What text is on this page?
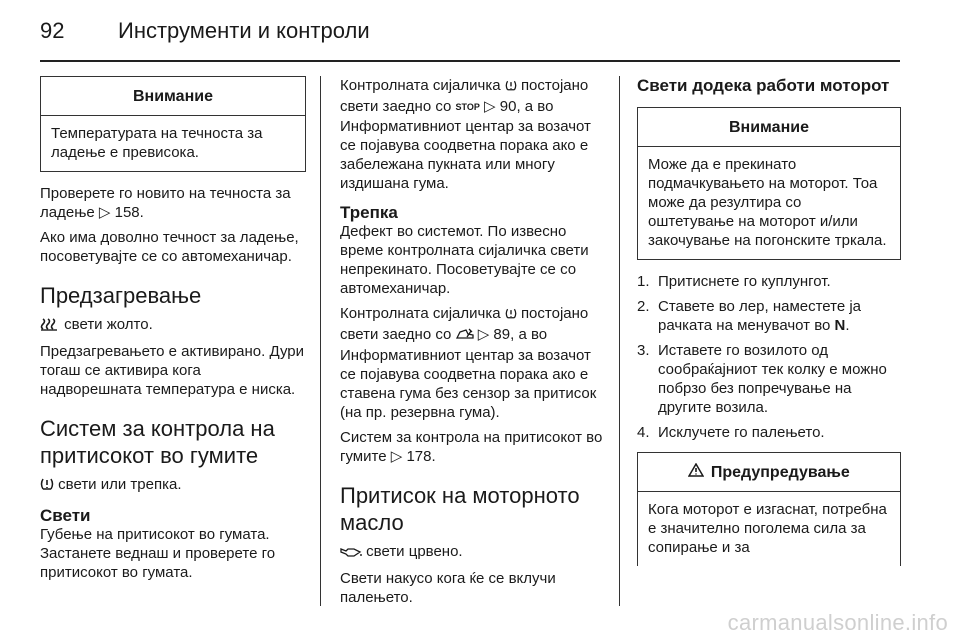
92 Инструменти и контроли
Внимание
Температурата на течноста за ладење е превисока.

Проверете го новито на течноста за ладење ▷ 158.

Ако има доволно течност за ладење, посоветувајте се со автомеханичар.

Предзагревање

свети жолто.

Предзагревањето е активирано. Дури тогаш се активира кога надворешната температура е ниска.

Систем за контрола на притисокот во гумите

свети или трепка.

Свети

Губење на притисокот во гумата. Застанете веднаш и проверете го притисокот во гумата.

Контролната сијаличка постојано свети заедно со STOP ▷ 90, а во Информативниот центар за возачот се појавува соодветна порака ако е забележана пукната или многу издишана гума.

Трепка

Дефект во системот. По извесно време контролната сијаличка свети непрекинато. Посоветувајте се со автомеханичар.

Контролната сијаличка постојано свети заедно со ▷ 89, а во Информативниот центар за возачот се појавува соодветна порака ако е ставена гума без сензор за притисок (на пр. резервна гума).

Систем за контрола на притисокот во гумите ▷ 178.

Притисок на моторното масло

свети црвено.

Свети накусо кога ќе се вклучи палењето.

Свети додека работи моторот
Внимание
Може да е прекинато подмачкувањето на моторот. Тоа може да резултира со оштетување на моторот и/или закочување на погонските тркала.
1. Притиснете го куплунгот.
2. Ставете во лер, наместете ја рачката на менувачот во N.
3. Иставете го возилото од сообраќајниот тек колку е можно побрзо без попречување на другите возила.
4. Исклучете го палењето.
Предупредување
Кога моторот е изгаснат, потребна е значително поголема сила за сопирање и за
carmanualsonline.info
